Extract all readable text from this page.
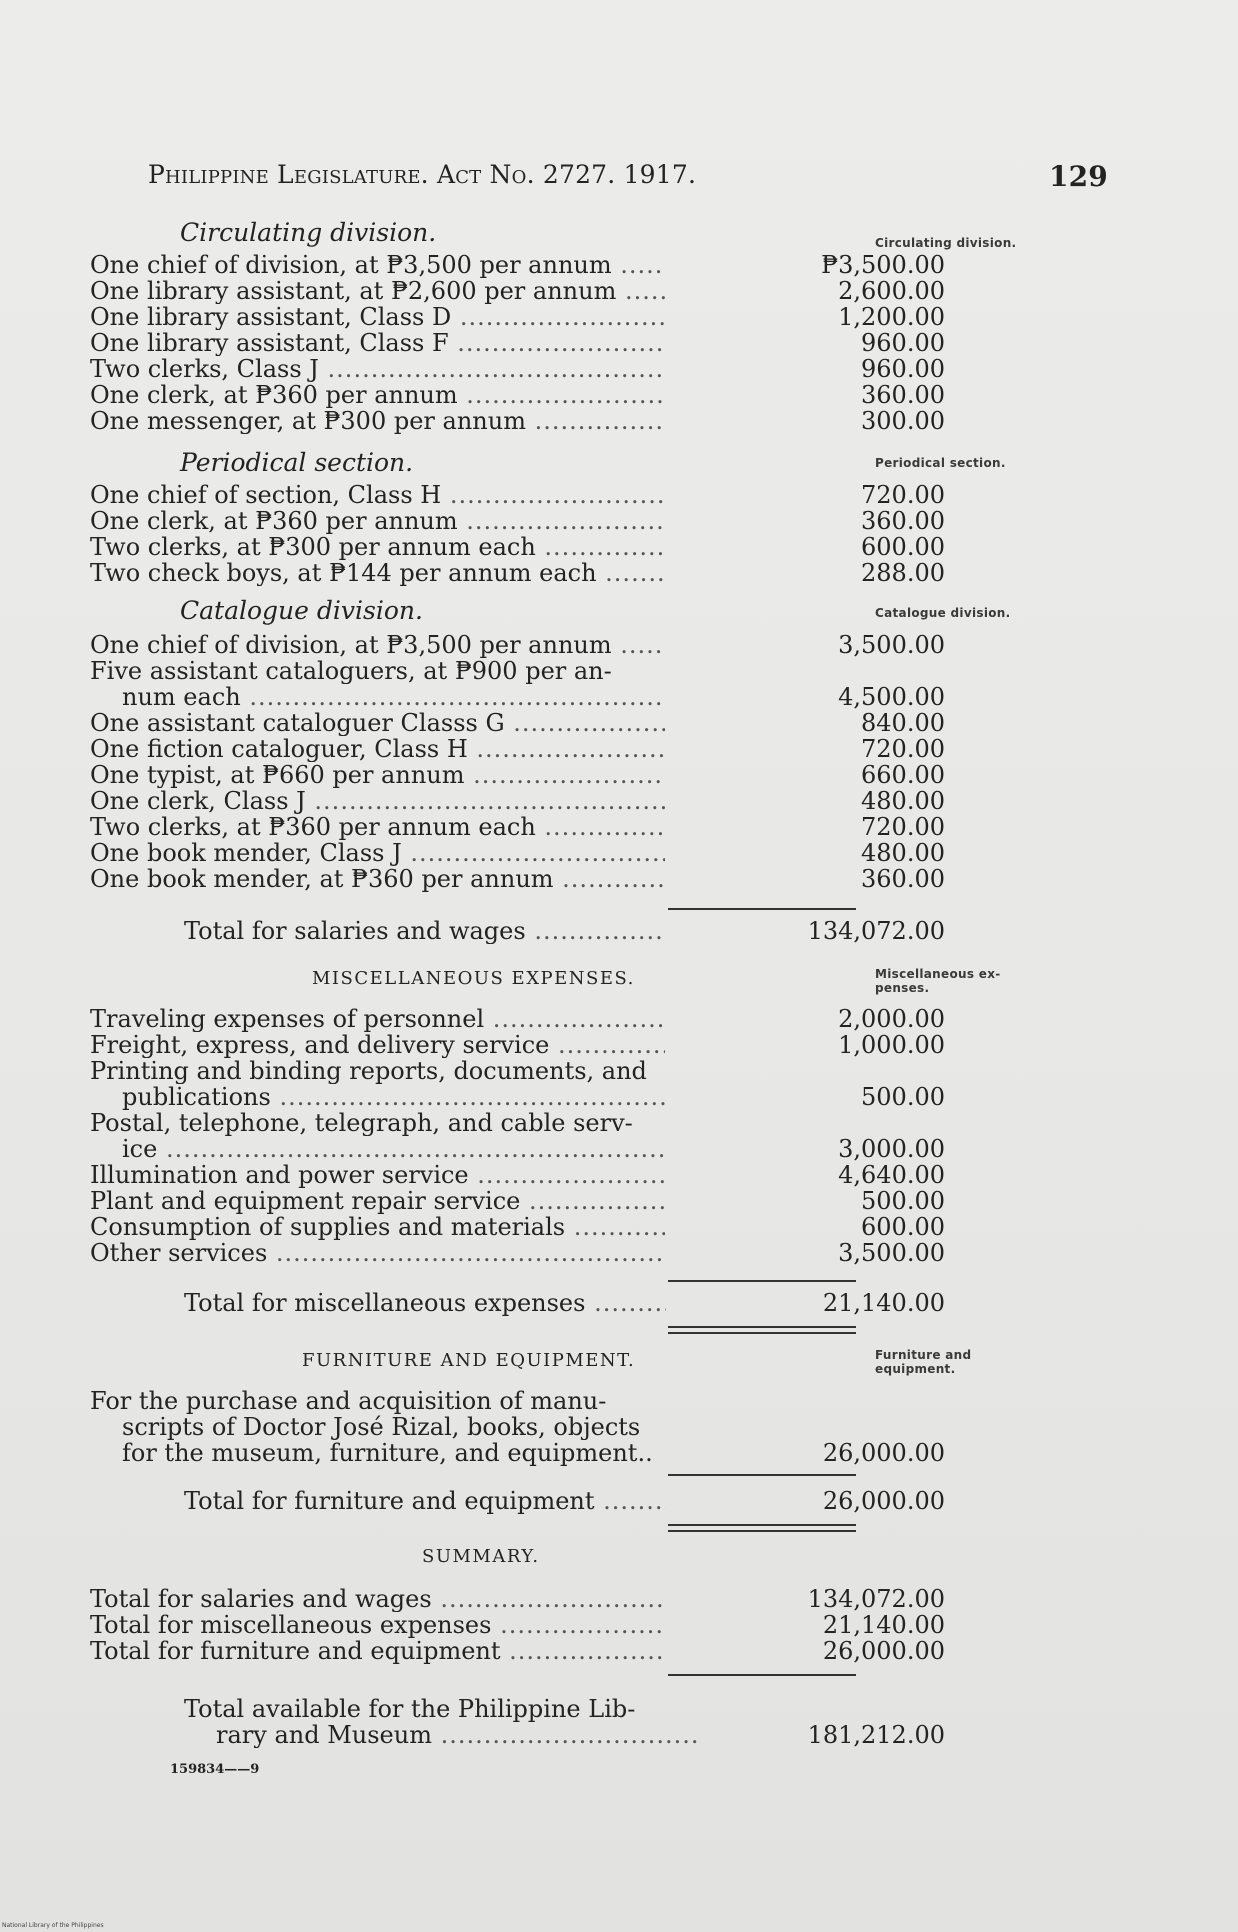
Philippine Legislature. Act No. 2727. 1917.	129
Circulating division.
Periodical section.
Catalogue division.
Miscellaneous ex-
penses.
Furniture and
equipment.
Circulating division.
One chief of division, at ₱3,500 per annum .....	₱3,500.00
One library assistant, at ₱2,600 per annum .....	2,600.00
One library assistant, Class D .....	1,200.00
One library assistant, Class F .....	960.00
Two clerks, Class J .....	960.00
One clerk, at ₱360 per annum .....	360.00
One messenger, at ₱300 per annum .....	300.00
Periodical section.
One chief of section, Class H .....	720.00
One clerk, at ₱360 per annum .....	360.00
Two clerks, at ₱300 per annum each .....	600.00
Two check boys, at ₱144 per annum each .....	288.00
Catalogue division.
One chief of division, at ₱3,500 per annum .....	3,500.00
Five assistant cataloguers, at ₱900 per an-
num each .....	4,500.00
One assistant cataloguer Classs G .....	840.00
One fiction cataloguer, Class H .....	720.00
One typist, at ₱660 per annum .....	660.00
One clerk, Class J .....	480.00
Two clerks, at ₱360 per annum each .....	720.00
One book mender, Class J .....	480.00
One book mender, at ₱360 per annum .....	360.00
Total for salaries and wages .....	134,072.00
MISCELLANEOUS EXPENSES.
Traveling expenses of personnel .....	2,000.00
Freight, express, and delivery service .....	1,000.00
Printing and binding reports, documents, and
publications .....	500.00
Postal, telephone, telegraph, and cable serv-
ice .....	3,000.00
Illumination and power service .....	4,640.00
Plant and equipment repair service .....	500.00
Consumption of supplies and materials .....	600.00
Other services .....	3,500.00
Total for miscellaneous expenses .....	21,140.00
FURNITURE AND EQUIPMENT.
For the purchase and acquisition of manu-
scripts of Doctor José Rizal, books, objects
for the museum, furniture, and equipment..	26,000.00
Total for furniture and equipment .....	26,000.00
SUMMARY.
Total for salaries and wages .....	134,072.00
Total for miscellaneous expenses .....	21,140.00
Total for furniture and equipment .....	26,000.00
Total available for the Philippine Lib-
rary and Museum .....	181,212.00
159834——9
National Library of the Philippines
